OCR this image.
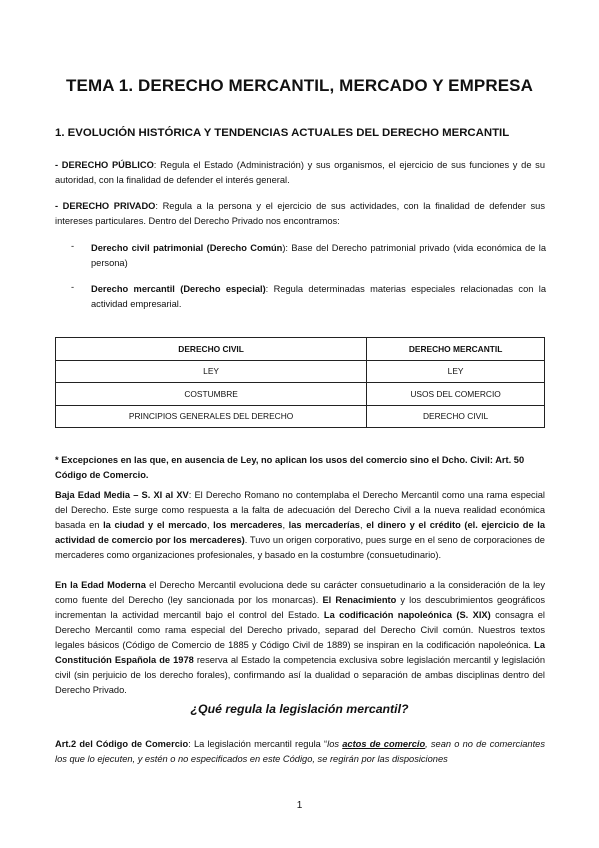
TEMA 1. DERECHO MERCANTIL, MERCADO Y EMPRESA
1. EVOLUCIÓN HISTÓRICA Y TENDENCIAS ACTUALES DEL DERECHO MERCANTIL

- DERECHO PÚBLICO: Regula el Estado (Administración) y sus organismos, el ejercicio de sus funciones y de su autoridad, con la finalidad de defender el interés general.

- DERECHO PRIVADO: Regula a la persona y el ejercicio de sus actividades, con la finalidad de defender sus intereses particulares. Dentro del Derecho Privado nos encontramos:

- Derecho civil patrimonial (Derecho Común): Base del Derecho patrimonial privado (vida económica de la persona)

- Derecho mercantil (Derecho especial): Regula determinadas materias especiales relacionadas con la actividad empresarial.

DERECHO CIVIL	DERECHO MERCANTIL
LEY	LEY
COSTUMBRE	USOS DEL COMERCIO
PRINCIPIOS GENERALES DEL DERECHO	DERECHO CIVIL

* Excepciones en las que, en ausencia de Ley, no aplican los usos del comercio sino el Dcho. Civil: Art. 50 Código de Comercio.

Baja Edad Media – S. XI al XV: El Derecho Romano no contemplaba el Derecho Mercantil como una rama especial del Derecho. Este surge como respuesta a la falta de adecuación del Derecho Civil a la nueva realidad económica basada en la ciudad y el mercado, los mercaderes, las mercaderías, el dinero y el crédito (el. ejercicio de la actividad de comercio por los mercaderes). Tuvo un origen corporativo, pues surge en el seno de corporaciones de mercaderes como organizaciones profesionales, y basado en la costumbre (consuetudinario).

En la Edad Moderna el Derecho Mercantil evoluciona dede su carácter consuetudinario a la consideración de la ley como fuente del Derecho (ley sancionada por los monarcas). El Renacimiento y los descubrimientos geográficos incrementan la actividad mercantil bajo el control del Estado. La codificación napoleónica (S. XIX) consagra el Derecho Mercantil como rama especial del Derecho privado, separad del Derecho Civil común. Nuestros textos legales básicos (Código de Comercio de 1885 y Código Civil de 1889) se inspiran en la codificación napoleónica. La Constitución Española de 1978 reserva al Estado la competencia exclusiva sobre legislación mercantil y legislación civil (sin perjuicio de los derecho forales), confirmando así la dualidad o separación de ambas disciplinas dentro del Derecho Privado.

¿Qué regula la legislación mercantil?

Art.2 del Código de Comercio: La legislación mercantil regula “los actos de comercio, sean o no de comerciantes los que lo ejecuten, y estén o no especificados en este Código, se regirán por las disposiciones

1
